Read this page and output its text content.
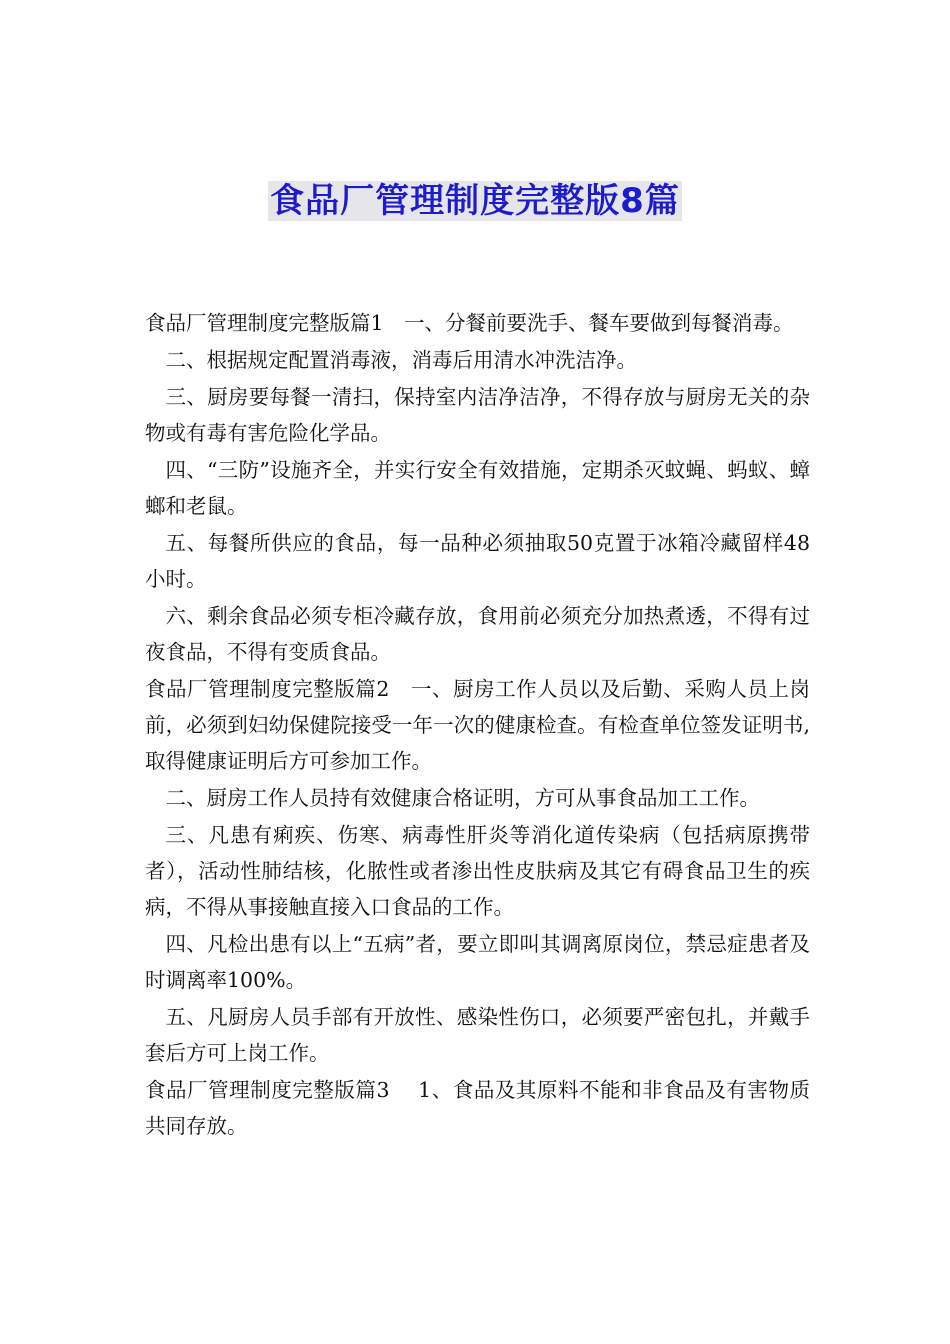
食品厂管理制度完整版8篇

食品厂管理制度完整版篇1　一、分餐前要洗手、餐车要做到每餐消毒。

二、根据规定配置消毒液，消毒后用清水冲洗洁净。

三、厨房要每餐一清扫，保持室内洁净洁净，不得存放与厨房无关的杂物或有毒有害危险化学品。

四、“三防”设施齐全，并实行安全有效措施，定期杀灭蚊蝇、蚂蚁、蟑螂和老鼠。

五、每餐所供应的食品，每一品种必须抽取50克置于冰箱冷藏留样48小时。

六、剩余食品必须专柜冷藏存放，食用前必须充分加热煮透，不得有过夜食品，不得有变质食品。

食品厂管理制度完整版篇2　一、厨房工作人员以及后勤、采购人员上岗前，必须到妇幼保健院接受一年一次的健康检查。有检查单位签发证明书,取得健康证明后方可参加工作。

二、厨房工作人员持有效健康合格证明，方可从事食品加工工作。

三、凡患有痢疾、伤寒、病毒性肝炎等消化道传染病（包括病原携带者），活动性肺结核，化脓性或者渗出性皮肤病及其它有碍食品卫生的疾病，不得从事接触直接入口食品的工作。

四、凡检出患有以上“五病”者，要立即叫其调离原岗位，禁忌症患者及时调离率100%。

五、凡厨房人员手部有开放性、感染性伤口，必须要严密包扎，并戴手套后方可上岗工作。

食品厂管理制度完整版篇3　 1、食品及其原料不能和非食品及有害物质共同存放。
